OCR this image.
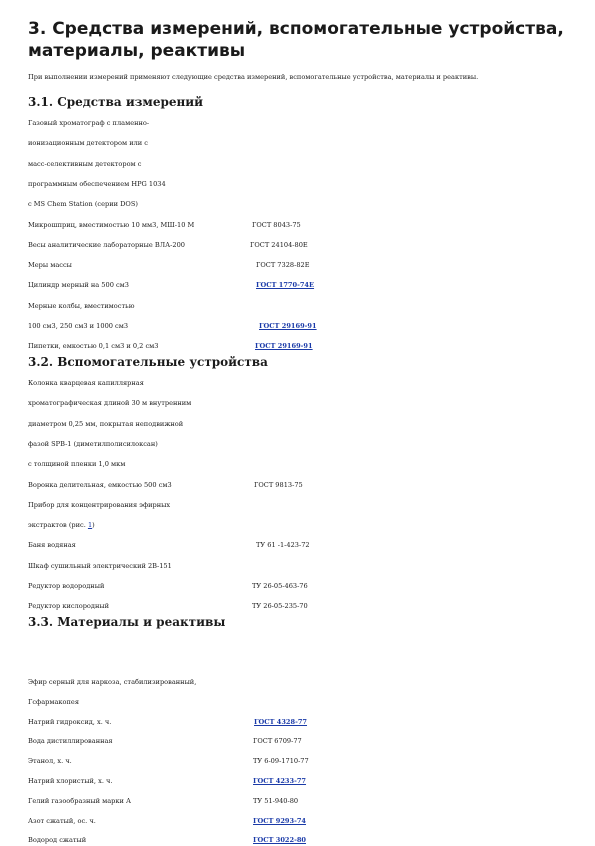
3. Средства измерений, вспомогательные устройства, материалы, реактивы

При выполнении измерений применяют следующие средства измерений, вспомогательные устройства, материалы и реактивы.

3.1. Средства измерений
Газовый хроматограф с пламенно-
ионизационным детектором или с
масс-селективным детектором с
программным обеспечением HPG 1034
с MS Chem Station (серии DOS)
Микрошприц, вместимостью 10 мм3, МШ-10 М	ГОСТ 8043-75
Весы аналитические лабораторные ВЛА-200	ГОСТ 24104-80Е
Меры массы	ГОСТ 7328-82Е
Цилиндр мерный на 500 см3	ГОСТ 1770-74Е
Мерные колбы, вместимостью
100 см3, 250 см3 и 1000 см3	ГОСТ 29169-91
Пипетки, емкостью 0,1 см3 и 0,2 см3	ГОСТ 29169-91
3.2. Вспомогательные устройства
Колонка кварцевая капиллярная
хроматографическая длиной 30 м внутренним
диаметром 0,25 мм, покрытая неподвижной
фазой SPB-1 (диметилполисилоксан)
с толщиной пленки 1,0 мкм
Воронка делительная, емкостью 500 см3	ГОСТ 9813-75
Прибор для концентрирования эфирных
экстрактов (рис. 1)
Баня водяная	ТУ 61 -1-423-72
Шкаф сушильный электрический 2В-151
Редуктор водородный	ТУ 26-05-463-76
Редуктор кислородный	ТУ 26-05-235-70
3.3. Материалы и реактивы
Эфир серный для наркоза, стабилизированный,
Гсфармакопея
Натрий гидроксид, х. ч.	ГОСТ 4328-77
Вода дистиллированная	ГОСТ 6709-77
Этанол, х. ч.	ТУ 6-09-1710-77
Натрий хлористый, х. ч.	ГОСТ 4233-77
Гелий газообразный марки А	ТУ 51-940-80
Азот сжатый, ос. ч.	ГОСТ 9293-74
Водород сжатый	ГОСТ 3022-80
